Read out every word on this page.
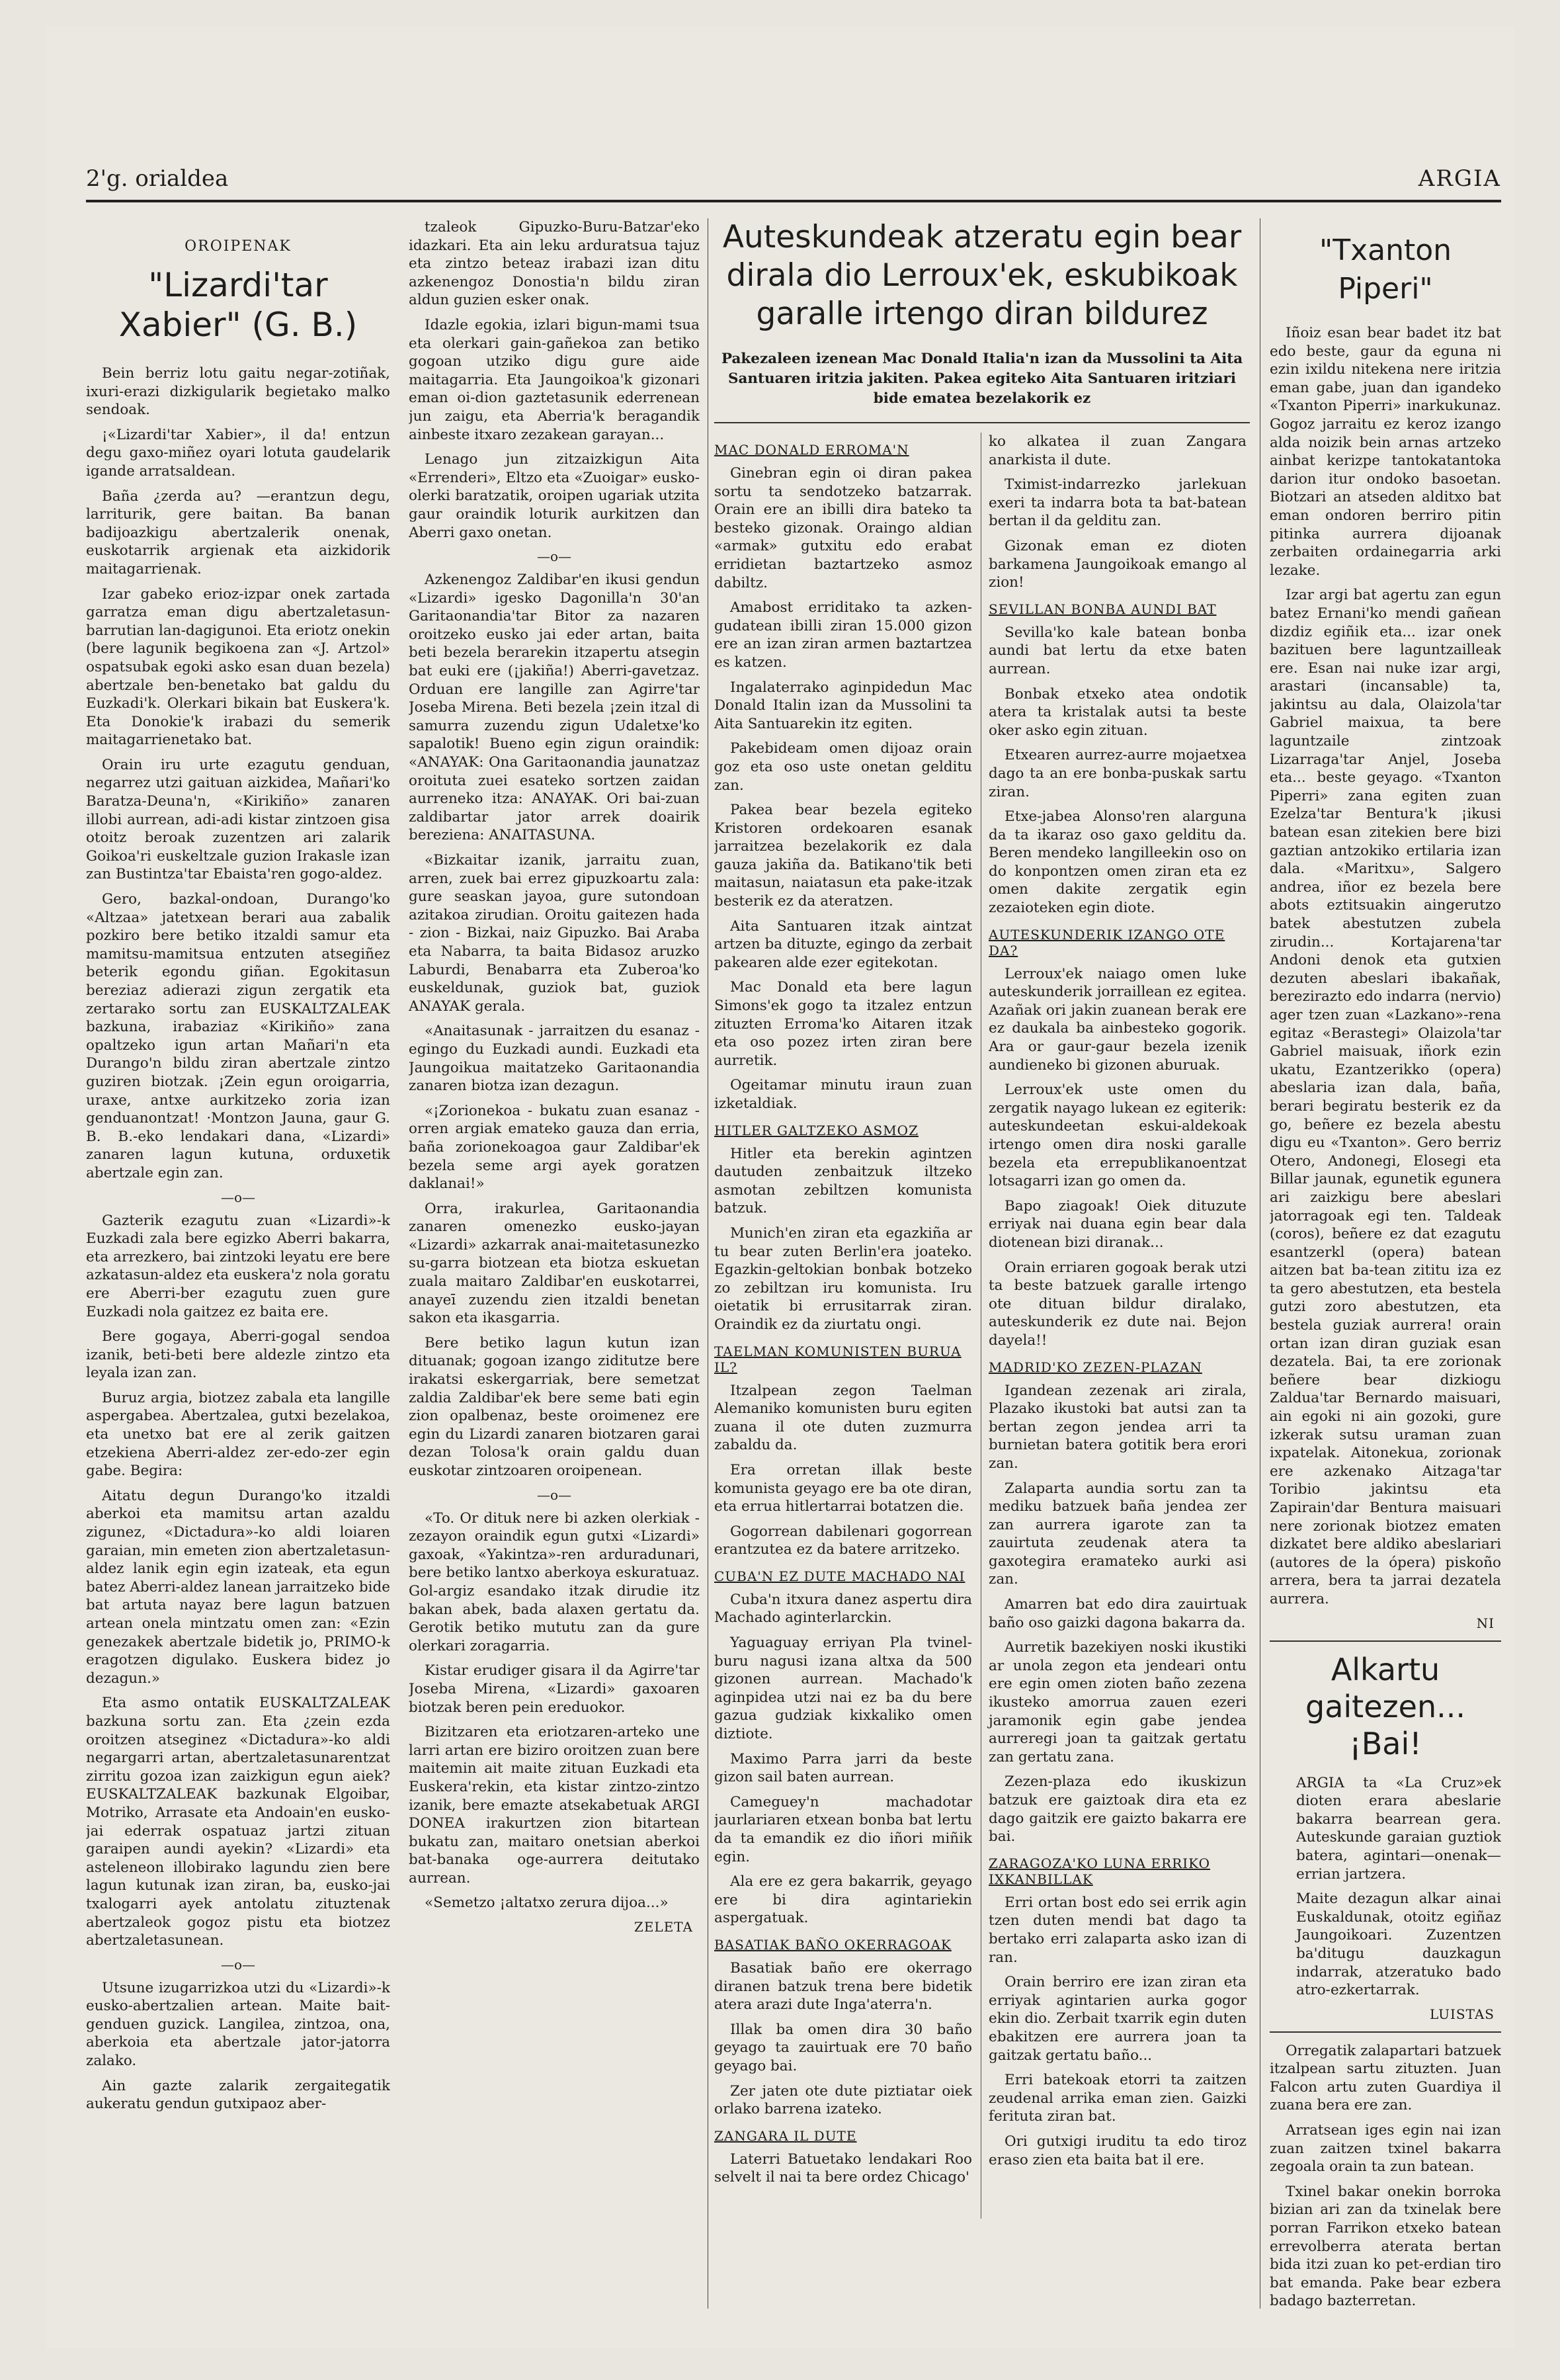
2'g. orialdea	ARGIA
OROIPENAK
"Lizardi'tar Xabier" (G. B.)

Bein berriz lotu gaitu negar-zotiñak, ixuri-erazi dizkigularik begietako malko sendoak.

¡«Lizardi'tar Xabier», il da! entzun degu gaxo-miñez oyari lotuta gaudelarik igande arratsaldean.

Baña ¿zerda au? —erantzun degu, larriturik, gere baitan. Ba banan badijoazkigu abertzalerik onenak, euskotarrik argienak eta aizkidorik maitagarrienak.

Izar gabeko erioz-izpar onek zartada garratza eman digu abertzaletasun-barrutian lan-dagigunoi. Eta eriotz onekin (bere lagunik begikoena zan «J. Artzol» ospatsubak egoki asko esan duan bezela) abertzale ben-benetako bat galdu du Euzkadi'k. Olerkari bikain bat Euskera'k. Eta Donokie'k irabazi du semerik maitagarrienetako bat.

Orain iru urte ezagutu genduan, negarrez utzi gaituan aizkidea, Mañari'ko Baratza-Deuna'n, «Kirikiño» zanaren illobi aurrean, adi-adi kistar zintzoen gisa otoitz beroak zuzentzen ari zalarik Goikoa'ri euskeltzale guzion Irakasle izan zan Bustintza'tar Ebaista'ren gogo-aldez.

Gero, bazkal-ondoan, Durango'ko «Altzaa» jatetxean berari aua zabalik pozkiro bere betiko itzaldi samur eta mamitsu-mamitsua entzuten atsegiñez beterik egondu giñan. Egokitasun bereziaz adierazi zigun zergatik eta zertarako sortu zan EUSKALTZALEAK bazkuna, irabaziaz «Kirikiño» zana opaltzeko igun artan Mañari'n eta Durango'n bildu ziran abertzale zintzo guziren biotzak. ¡Zein egun oroigarria, uraxe, antxe aurkitzeko zoria izan genduanontzat! ·Montzon Jauna, gaur G. B. B.-eko lendakari dana, «Lizardi» zanaren lagun kutuna, orduxetik abertzale egin zan.

—o—

Gazterik ezagutu zuan «Lizardi»-k Euzkadi zala bere egizko Aberri bakarra, eta arrezkero, bai zintzoki leyatu ere bere azkatasun-aldez eta euskera'z nola goratu ere Aberri-ber ezagutu zuen gure Euzkadi nola gaitzez ez baita ere.

Bere gogaya, Aberri-gogal sendoa izanik, beti-beti bere aldezle zintzo eta leyala izan zan.

Buruz argia, biotzez zabala eta langille aspergabea. Abertzalea, gutxi bezelakoa, eta unetxo bat ere al zerik gaitzen etzekiena Aberri-aldez zer-edo-zer egin gabe. Begira:

Aitatu degun Durango'ko itzaldi aberkoi eta mamitsu artan azaldu zigunez, «Dictadura»-ko aldi loiaren garaian, min emeten zion abertzaletasun-aldez lanik egin egin izateak, eta egun batez Aberri-aldez lanean jarraitzeko bide bat artuta nayaz bere lagun batzuen artean onela mintzatu omen zan: «Ezin genezakek abertzale bidetik jo, PRIMO-k eragotzen digulako. Euskera bidez jo dezagun.»

Eta asmo ontatik EUSKALTZALEAK bazkuna sortu zan. Eta ¿zein ezda oroitzen atseginez «Dictadura»-ko aldi negargarri artan, abertzaletasunarentzat zirritu gozoa izan zaizkigun egun aiek? EUSKALTZALEAK bazkunak Elgoibar, Motriko, Arrasate eta Andoain'en eusko-jai ederrak ospatuaz jartzi zituan garaipen aundi ayekin? «Lizardi» eta asteleneon illobirako lagundu zien bere lagun kutunak izan ziran, ba, eusko-jai txalogarri ayek antolatu zituztenak abertzaleok gogoz pistu eta biotzez abertzaletasunean.

—o—

Utsune izugarrizkoa utzi du «Lizardi»-k eusko-abertzalien artean. Maite bait-genduen guzick. Langilea, zintzoa, ona, aberkoia eta abertzale jator-jatorra zalako.

Ain gazte zalarik zergaitegatik aukeratu gendun gutxipaoz aber-

tzaleok Gipuzko-Buru-Batzar'eko idazkari. Eta ain leku arduratsua tajuz eta zintzo beteaz irabazi izan ditu azkenengoz Donostia'n bildu ziran aldun guzien esker onak.

Idazle egokia, izlari bigun-mami tsua eta olerkari gain-gañekoa zan betiko gogoan utziko digu gure aide maitagarria. Eta Jaungoikoa'k gizonari eman oi-dion gaztetasunik ederrenean jun zaigu, eta Aberria'k beragandik ainbeste itxaro zezakean garayan...

Lenago jun zitzaizkigun Aita «Errenderi», Eltzo eta «Zuoigar» eusko-olerki baratzatik, oroipen ugariak utzita gaur oraindik loturik aurkitzen dan Aberri gaxo onetan.

—o—

Azkenengoz Zaldibar'en ikusi gendun «Lizardi» igesko Dagonilla'n 30'an Garitaonandia'tar Bitor za nazaren oroitzeko eusko jai eder artan, baita beti bezela berarekin itzapertu atsegin bat euki ere (¡jakiña!) Aberri-gavetzaz. Orduan ere langille zan Agirre'tar Joseba Mirena. Beti bezela ¡zein itzal di samurra zuzendu zigun Udaletxe'ko sapalotik! Bueno egin zigun oraindik: «ANAYAK: Ona Garitaonandia jaunatzaz oroituta zuei esateko sortzen zaidan aurreneko itza: ANAYAK. Ori bai-zuan zaldibartar jator arrek doairik bereziena: ANAITASUNA.

«Bizkaitar izanik, jarraitu zuan, arren, zuek bai errez gipuzkoartu zala: gure seaskan jayoa, gure sutondoan azitakoa zirudian. Oroitu gaitezen hada - zion - Bizkai, naiz Gipuzko. Bai Araba eta Nabarra, ta baita Bidasoz aruzko Laburdi, Benabarra eta Zuberoa'ko euskeldunak, guziok bat, guziok ANAYAK gerala.

«Anaitasunak - jarraitzen du esanaz - egingo du Euzkadi aundi. Euzkadi eta Jaungoikua maitatzeko Garitaonandia zanaren biotza izan dezagun.

«¡Zorionekoa - bukatu zuan esanaz - orren argiak emateko gauza dan erria, baña zorionekoagoa gaur Zaldibar'ek bezela seme argi ayek goratzen daklanai!»

Orra, irakurlea, Garitaonandia zanaren omenezko eusko-jayan «Lizardi» azkarrak anai-maitetasunezko su-garra biotzean eta biotza eskuetan zuala maitaro Zaldibar'en euskotarrei, anayeī zuzendu zien itzaldi benetan sakon eta ikasgarria.

Bere betiko lagun kutun izan dituanak; gogoan izango ziditutze bere irakatsi eskergarriak, bere semetzat zaldia Zaldibar'ek bere seme bati egin zion opalbenaz, beste oroimenez ere egin du Lizardi zanaren biotzaren garai dezan Tolosa'k orain galdu duan euskotar zintzoaren oroipenean.

—o—

«To. Or dituk nere bi azken olerkiak - zezayon oraindik egun gutxi «Lizardi» gaxoak, «Yakintza»-ren arduradunari, bere betiko lantxo aberkoya eskuratuaz. Gol-argiz esandako itzak dirudie itz bakan abek, bada alaxen gertatu da. Gerotik betiko mututu zan da gure olerkari zoragarria.

Kistar erudiger gisara il da Agirre'tar Joseba Mirena, «Lizardi» gaxoaren biotzak beren pein ereduokor.

Bizitzaren eta eriotzaren-arteko une larri artan ere biziro oroitzen zuan bere maitemin ait maite zituan Euzkadi eta Euskera'rekin, eta kistar zintzo-zintzo izanik, bere emazte atsekabetuak ARGI DONEA irakurtzen zion bitartean bukatu zan, maitaro onetsian aberkoi bat-banaka oge-aurrera deitutako aurrean.

«Semetzo ¡altatxo zerura dijoa...»

ZELETA
Auteskundeak atzeratu egin bear dirala dio Lerroux'ek, eskubikoak garalle irtengo diran bildurez
Pakezaleen izenean Mac Donald Italia'n izan da Mussolini ta Aita Santuaren iritzia jakiten. Pakea egiteko Aita Santuaren iritziari bide ematea bezelakorik ez
MAC DONALD ERROMA'N

Ginebran egin oi diran pakea sortu ta sendotzeko batzarrak. Orain ere an ibilli dira bateko ta besteko gizonak. Oraingo aldian «armak» gutxitu edo erabat erridietan baztartzeko asmoz dabiltz.

Amabost erriditako ta azken-gudatean ibilli ziran 15.000 gizon ere an izan ziran armen baztartzea es katzen.

Ingalaterrako aginpidedun Mac Donald Italin izan da Mussolini ta Aita Santuarekin itz egiten.

Pakebideam omen dijoaz orain goz eta oso uste onetan gelditu zan.

Pakea bear bezela egiteko Kristoren ordekoaren esanak jarraitzea bezelakorik ez dala gauza jakiña da. Batikano'tik beti maitasun, naiatasun eta pake-itzak besterik ez da ateratzen.

Aita Santuaren itzak aintzat artzen ba dituzte, egingo da zerbait pakearen alde ezer egitekotan.

Mac Donald eta bere lagun Simons'ek gogo ta itzalez entzun zituzten Erroma'ko Aitaren itzak eta oso pozez irten ziran bere aurretik.

Ogeitamar minutu iraun zuan izketaldiak.

HITLER GALTZEKO ASMOZ

Hitler eta berekin agintzen dautuden zenbaitzuk iltzeko asmotan zebiltzen komunista batzuk.

Munich'en ziran eta egazkiña ar tu bear zuten Berlin'era joateko. Egazkin-geltokian bonbak botzeko zo zebiltzan iru komunista. Iru oietatik bi errusitarrak ziran. Oraindik ez da ziurtatu ongi.

TAELMAN KOMUNISTEN BURUA IL?

Itzalpean zegon Taelman Alemaniko komunisten buru egiten zuana il ote duten zuzmurra zabaldu da.

Era orretan illak beste komunista geyago ere ba ote diran, eta errua hitlertarrai botatzen die.

Gogorrean dabilenari gogorrean erantzutea ez da batere arritzeko.

CUBA'N EZ DUTE MACHADO NAI

Cuba'n itxura danez aspertu dira Machado aginterlarckin.

Yaguaguay erriyan Pla tvinel-buru nagusi izana altxa da 500 gizonen aurrean. Machado'k aginpidea utzi nai ez ba du bere gazua gudziak kixkaliko omen diztiote.

Maximo Parra jarri da beste gizon sail baten aurrean.

Cameguey'n machadotar jaurlariaren etxean bonba bat lertu da ta emandik ez dio iñori miñik egin.

Ala ere ez gera bakarrik, geyago ere bi dira agintariekin aspergatuak.

BASATIAK BAÑO OKERRAGOAK

Basatiak baño ere okerrago diranen batzuk trena bere bidetik atera arazi dute Inga'aterra'n.

Illak ba omen dira 30 baño geyago ta zauirtuak ere 70 baño geyago bai.

Zer jaten ote dute piztiatar oiek orlako barrena izateko.

ZANGARA IL DUTE

Laterri Batuetako lendakari Roo selvelt il nai ta bere ordez Chicago'

ko alkatea il zuan Zangara anarkista il dute.

Tximist-indarrezko jarlekuan exeri ta indarra bota ta bat-batean bertan il da gelditu zan.

Gizonak eman ez dioten barkamena Jaungoikoak emango al zion!

SEVILLAN BONBA AUNDI BAT

Sevilla'ko kale batean bonba aundi bat lertu da etxe baten aurrean.

Bonbak etxeko atea ondotik atera ta kristalak autsi ta beste oker asko egin zituan.

Etxearen aurrez-aurre mojaetxea dago ta an ere bonba-puskak sartu ziran.

Etxe-jabea Alonso'ren alarguna da ta ikaraz oso gaxo gelditu da. Beren mendeko langilleekin oso on do konpontzen omen ziran eta ez omen dakite zergatik egin zezaioteken egin diote.

AUTESKUNDERIK IZANGO OTE DA?

Lerroux'ek naiago omen luke auteskunderik jorraillean ez egitea. Azañak ori jakin zuanean berak ere ez daukala ba ainbesteko gogorik. Ara or gaur-gaur bezela izenik aundieneko bi gizonen aburuak.

Lerroux'ek uste omen du zergatik nayago lukean ez egiterik: auteskundeetan eskui-aldekoak irtengo omen dira noski garalle bezela eta errepublikanoentzat lotsagarri izan go omen da.

Bapo ziagoak! Oiek dituzute erriyak nai duana egin bear dala diotenean bizi diranak...

Orain erriaren gogoak berak utzi ta beste batzuek garalle irtengo ote dituan bildur diralako, auteskunderik ez dute nai. Bejon dayela!!

MADRID'KO ZEZEN-PLAZAN

Igandean zezenak ari zirala, Plazako ikustoki bat autsi zan ta bertan zegon jendea arri ta burnietan batera gotitik bera erori zan.

Zalaparta aundia sortu zan ta mediku batzuek baña jendea zer zan aurrera igarote zan ta zauirtuta zeudenak atera ta gaxotegira eramateko aurki asi zan.

Amarren bat edo dira zauirtuak baño oso gaizki dagona bakarra da.

Aurretik bazekiyen noski ikustiki ar unola zegon eta jendeari ontu ere egin omen zioten baño zezena ikusteko amorrua zauen ezeri jaramonik egin gabe jendea aurreregi joan ta gaitzak gertatu zan gertatu zana.

Zezen-plaza edo ikuskizun batzuk ere gaiztoak dira eta ez dago gaitzik ere gaizto bakarra ere bai.

ZARAGOZA'KO LUNA ERRIKO IXKANBILLAK

Erri ortan bost edo sei errik agin tzen duten mendi bat dago ta bertako erri zalaparta asko izan di ran.

Orain berriro ere izan ziran eta erriyak agintarien aurka gogor ekin dio. Zerbait txarrik egin duten ebakitzen ere aurrera joan ta gaitzak gertatu baño...

Erri batekoak etorri ta zaitzen zeudenal arrika eman zien. Gaizki ferituta ziran bat.

Ori gutxigi iruditu ta edo tiroz eraso zien eta baita bat il ere.

"Txanton Piperi"

Iñoiz esan bear badet itz bat edo beste, gaur da eguna ni ezin ixildu nitekena nere iritzia eman gabe, juan dan igandeko «Txanton Piperri» inarkukunaz. Gogoz jarraitu ez keroz izango alda noizik bein arnas artzeko ainbat kerizpe tantokatantoka darion itur ondoko basoetan. Biotzari an atseden alditxo bat eman ondoren berriro pitin pitinka aurrera dijoanak zerbaiten ordainegarria arki lezake.

Izar argi bat agertu zan egun batez Ernani'ko mendi gañean dizdiz egiñik eta... izar onek bazituen bere laguntzailleak ere. Esan nai nuke izar argi, arastari (incansable) ta, jakintsu au dala, Olaizola'tar Gabriel maixua, ta bere laguntzaile zintzoak Lizarraga'tar Anjel, Joseba eta... beste geyago. «Txanton Piperri» zana egiten zuan Ezelza'tar Bentura'k ¡ikusi batean esan zitekien bere bizi gaztian antzokiko ertilaria izan dala. «Maritxu», Salgero andrea, iñor ez bezela bere abots eztitsuakin aingerutzo batek abestutzen zubela zirudin... Kortajarena'tar Andoni denok eta gutxien dezuten abeslari ibakañak, berezirazto edo indarra (nervio) ager tzen zuan «Lazkano»-rena egitaz «Berastegi» Olaizola'tar Gabriel maisuak, iñork ezin ukatu, Ezantzerikko (opera) abeslaria izan dala, baña, berari begiratu besterik ez da go, beñere ez bezela abestu digu eu «Txanton». Gero berriz Otero, Andonegi, Elosegi eta Billar jaunak, egunetik egunera ari zaizkigu bere abeslari jatorragoak egi ten. Taldeak (coros), beñere ez dat ezagutu esantzerkl (opera) batean aitzen bat ba-tean zititu iza ez ta gero abestutzen, eta bestela gutzi zoro abestutzen, eta bestela guziak aurrera! orain ortan izan diran guziak esan dezatela. Bai, ta ere zorionak beñere bear dizkiogu Zaldua'tar Bernardo maisuari, ain egoki ni ain gozoki, gure izkerak sutsu uraman zuan ixpatelak. Aitonekua, zorionak ere azkenako Aitzaga'tar Toribio jakintsu eta Zapirain'dar Bentura maisuari nere zorionak biotzez ematen dizkatet bere aldiko abeslariari (autores de la ópera) piskoño arrera, bera ta jarrai dezatela aurrera.

NI
Alkartu gaitezen... ¡Bai!

ARGIA ta «La Cruz»ek dioten erara abeslarie bakarra bearrean gera. Auteskunde garaian guztiok batera, agintari—onenak—errian jartzera.

Maite dezagun alkar ainai Euskaldunak, otoitz egiñaz Jaungoikoari. Zuzentzen ba'ditugu dauzkagun indarrak, atzeratuko bado atro-ezkertarrak.

LUISTAS

Orregatik zalapartari batzuek itzalpean sartu zituzten. Juan Falcon artu zuten Guardiya il zuana bera ere zan.

Arratsean iges egin nai izan zuan zaitzen txinel bakarra zegoala orain ta zun batean.

Txinel bakar onekin borroka bizian ari zan da txinelak bere porran Farrikon etxeko batean errevolberra aterata bertan bida itzi zuan ko pet-erdian tiro bat emanda. Pake bear ezbera badago bazterretan.
